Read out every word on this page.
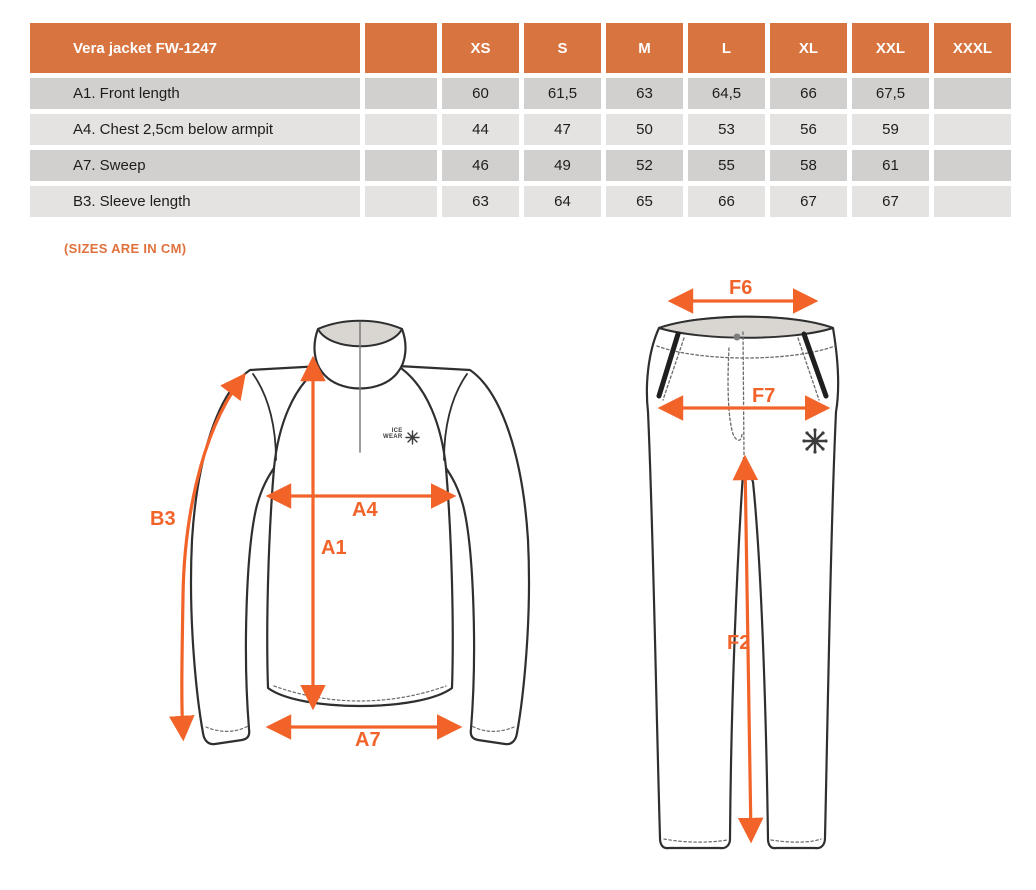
Vera jacket FW-1247		XS	S	M	L	XL	XXL	XXXL
A1. Front length		60	61,5	63	64,5	66	67,5	
A4. Chest 2,5cm below armpit		44	47	50	53	56	59	
A7. Sweep		46	49	52	55	58	61	
B3. Sleeve length		63	64	65	66	67	67	
(SIZES ARE IN CM)
B3
A1
A4
A7
F6
F7
F2
ICE
WEAR
